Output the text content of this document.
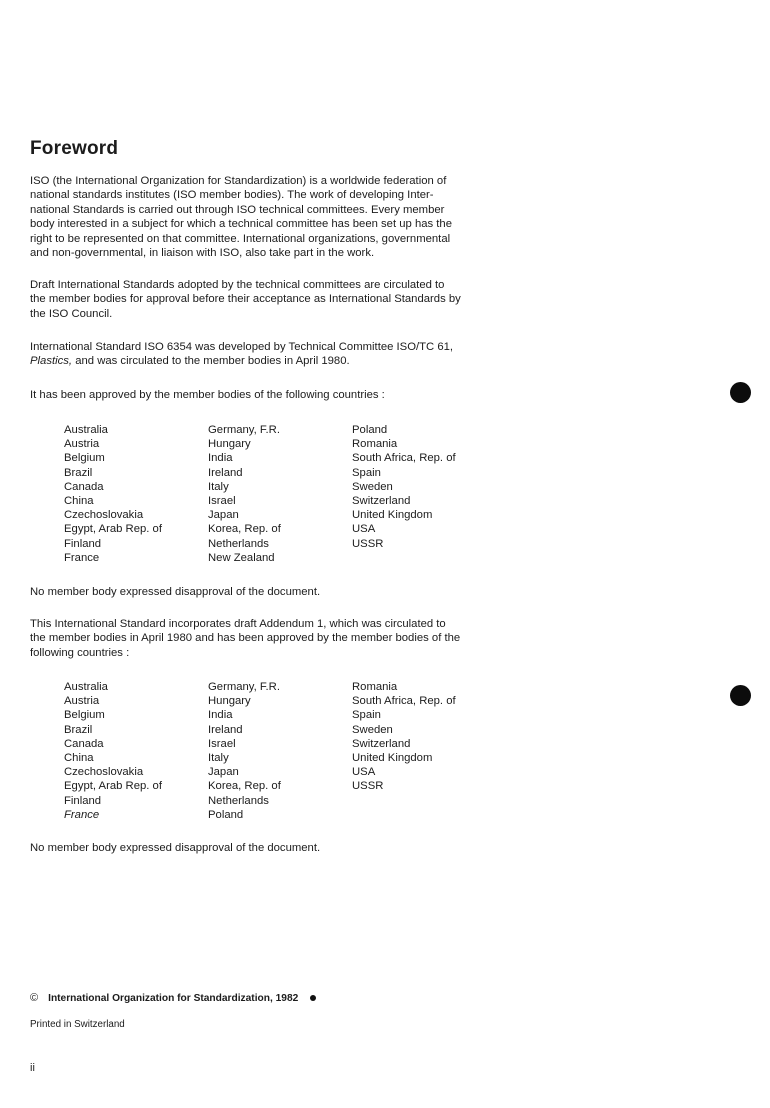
Foreword
ISO (the International Organization for Standardization) is a worldwide federation of
national standards institutes (ISO member bodies). The work of developing Inter-
national Standards is carried out through ISO technical committees. Every member
body interested in a subject for which a technical committee has been set up has the
right to be represented on that committee. International organizations, governmental
and non-governmental, in liaison with ISO, also take part in the work.
Draft International Standards adopted by the technical committees are circulated to
the member bodies for approval before their acceptance as International Standards by
the ISO Council.
International Standard ISO 6354 was developed by Technical Committee ISO/TC 61,
Plastics, and was circulated to the member bodies in April 1980.
It has been approved by the member bodies of the following countries :
Australia
Austria
Belgium
Brazil
Canada
China
Czechoslovakia
Egypt, Arab Rep. of
Finland
France
Germany, F.R.
Hungary
India
Ireland
Italy
Israel
Japan
Korea, Rep. of
Netherlands
New Zealand
Poland
Romania
South Africa, Rep. of
Spain
Sweden
Switzerland
United Kingdom
USA
USSR
No member body expressed disapproval of the document.
This International Standard incorporates draft Addendum 1, which was circulated to
the member bodies in April 1980 and has been approved by the member bodies of the
following countries :
Australia
Austria
Belgium
Brazil
Canada
China
Czechoslovakia
Egypt, Arab Rep. of
Finland
France
Germany, F.R.
Hungary
India
Ireland
Israel
Italy
Japan
Korea, Rep. of
Netherlands
Poland
Romania
South Africa, Rep. of
Spain
Sweden
Switzerland
United Kingdom
USA
USSR
No member body expressed disapproval of the document.
© International Organization for Standardization, 1982
Printed in Switzerland
ii
